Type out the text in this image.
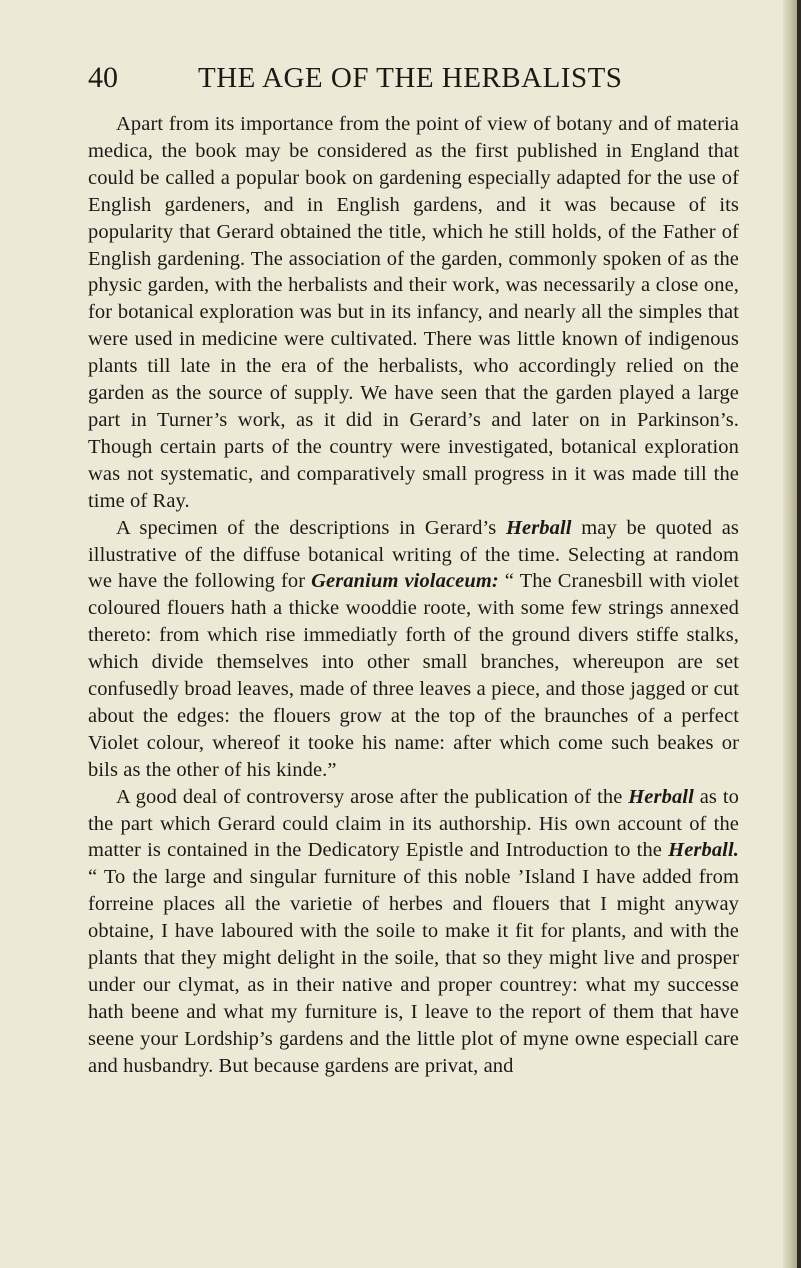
40	THE AGE OF THE HERBALISTS

Apart from its importance from the point of view of botany and of materia medica, the book may be considered as the first published in England that could be called a popular book on gardening especially adapted for the use of English gardeners, and in English gardens, and it was because of its popularity that Gerard obtained the title, which he still holds, of the Father of English gardening. The association of the garden, commonly spoken of as the physic garden, with the herbalists and their work, was necessarily a close one, for botanical exploration was but in its infancy, and nearly all the simples that were used in medicine were cultivated. There was little known of indigenous plants till late in the era of the herbalists, who accordingly relied on the garden as the source of supply. We have seen that the garden played a large part in Turner’s work, as it did in Gerard’s and later on in Parkinson’s. Though certain parts of the country were investigated, botanical exploration was not systematic, and comparatively small progress in it was made till the time of Ray.

A specimen of the descriptions in Gerard’s Herball may be quoted as illustrative of the diffuse botanical writing of the time. Selecting at random we have the following for Geranium violaceum: “ The Cranesbill with violet coloured flouers hath a thicke wooddie roote, with some few strings annexed thereto: from which rise immediatly forth of the ground divers stiffe stalks, which divide themselves into other small branches, whereupon are set confusedly broad leaves, made of three leaves a piece, and those jagged or cut about the edges: the flouers grow at the top of the braunches of a perfect Violet colour, whereof it tooke his name: after which come such beakes or bils as the other of his kinde.”

A good deal of controversy arose after the publication of the Herball as to the part which Gerard could claim in its authorship. His own account of the matter is contained in the Dedicatory Epistle and Introduction to the Herball. “ To the large and singular furniture of this noble ’Island I have added from forreine places all the varietie of herbes and flouers that I might anyway obtaine, I have laboured with the soile to make it fit for plants, and with the plants that they might delight in the soile, that so they might live and prosper under our clymat, as in their native and proper countrey: what my successe hath beene and what my furniture is, I leave to the report of them that have seene your Lordship’s gardens and the little plot of myne owne especiall care and husbandry. But because gardens are privat, and
